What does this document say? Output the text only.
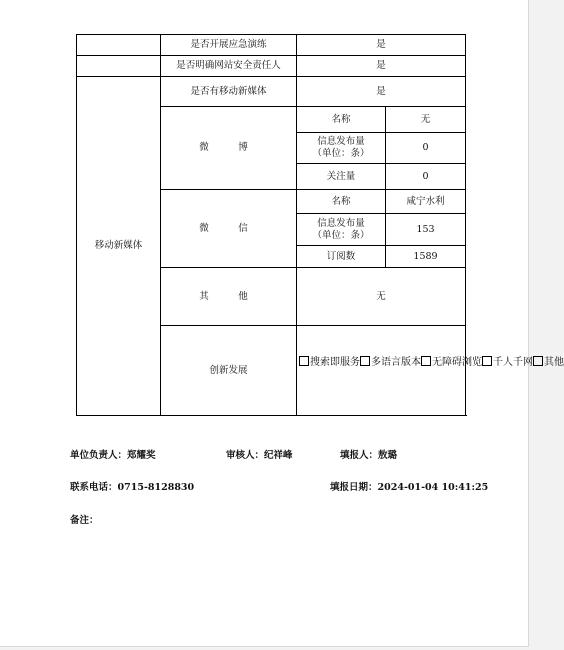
	是否开展应急演练	是	
	是否明确网站安全责任人	是	
移动新媒体	是否有移动新媒体	是	
	微　博	名称	无

		信息发布量
（单位：条）	0
		关注量	0
	微　信	名称	咸宁水利

		信息发布量
（单位：条）	153
		订阅数	1589
	其　他	无	
	创新发展	搜索即服务 多语言版本 无障碍浏览 千人千网 其他	
单位负责人：郑耀奖	审核人：纪祥峰	填报人：敖璐
联系电话：0715-8128830	填报日期：2024-01-04 10:41:25
备注：
